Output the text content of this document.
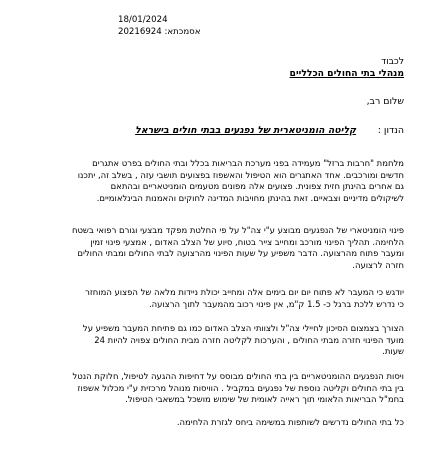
18/01/2024
אסמכתא: 20216924
לכבוד
מנהלי בתי החולים הכלליים
שלום רב,
הנדון : קליטה הומניטארית של נפגעים בבתי חולים בישראל
מלחמת "חרבות ברזל" מעמידה בפני מערכת הבריאות בכלל ובתי החולים בפרט אתגרים
חדשים ומורכבים. אחד האתגרים הוא הטיפול והאשפוז בפצועים תושבי עזה , בשלב זה, יתכנו
גם אחרים בהינתן חזית צפונית. פצועים אלה מפונים מטעמים הומניטאריים ובהתאם
לשיקולים מדיניים וצבאיים. זאת בהינתן מחויבות המדינה לחוקים והאמנות הבינלאומיים.
פינוי הומניטארי של הנפגעים מבוצע ע"י צה"ל על פי החלטת מפקד מבצעי וגורם רפואי בשטח
הלחימה. תהליך הפינוי מורכב ומחייב צייר בטוח, סיוע של הצלב האדום , אמצעי פינוי זמין
ומעבר פתוח מהרצועה. הדבר משפיע על שעות הפינוי מהרצועה לבתי החולים ומבתי החולים
חזרה לרצועה.
יודגש כי המעבר לא פתוח יום יום בימים אלה ומחייב יכולת ניידות מלאה של הפצוע המוחזר
כי נדרש ללכת ברגל כ- 1.5 ק"מ, אין פינוי רכוב מהמעבר לתוך הרצועה.
הצורך בצמצום הסיכון לחיילי צה"ל ולצוותי הצלב האדום כמו גם פתיחת המעבר משפיע על
מועד הפינוי חזרה מבתי החולים , והערכות לקליטה חזרה מבית החולים צפויה להיות 24
שעות.
ויסות הנפגעים ההומניטאריים בין בתי החולים מבוסס על דחיפות ההגעה לטיפול, חלוקת הנטל
בין בתי החולים וקליטה נוספת של נפגעים במקביל . הוויסות מנוהל מרכזית ע"י מכלול אשפוז
בחמ"ל הבריאות הלאומי תוך ראייה לאומית של שימוש מושכל במשאבי הטיפול.
כל בתי החולים נדרשים לשותפות במשימה ביחס לגזרת הלחימה.
